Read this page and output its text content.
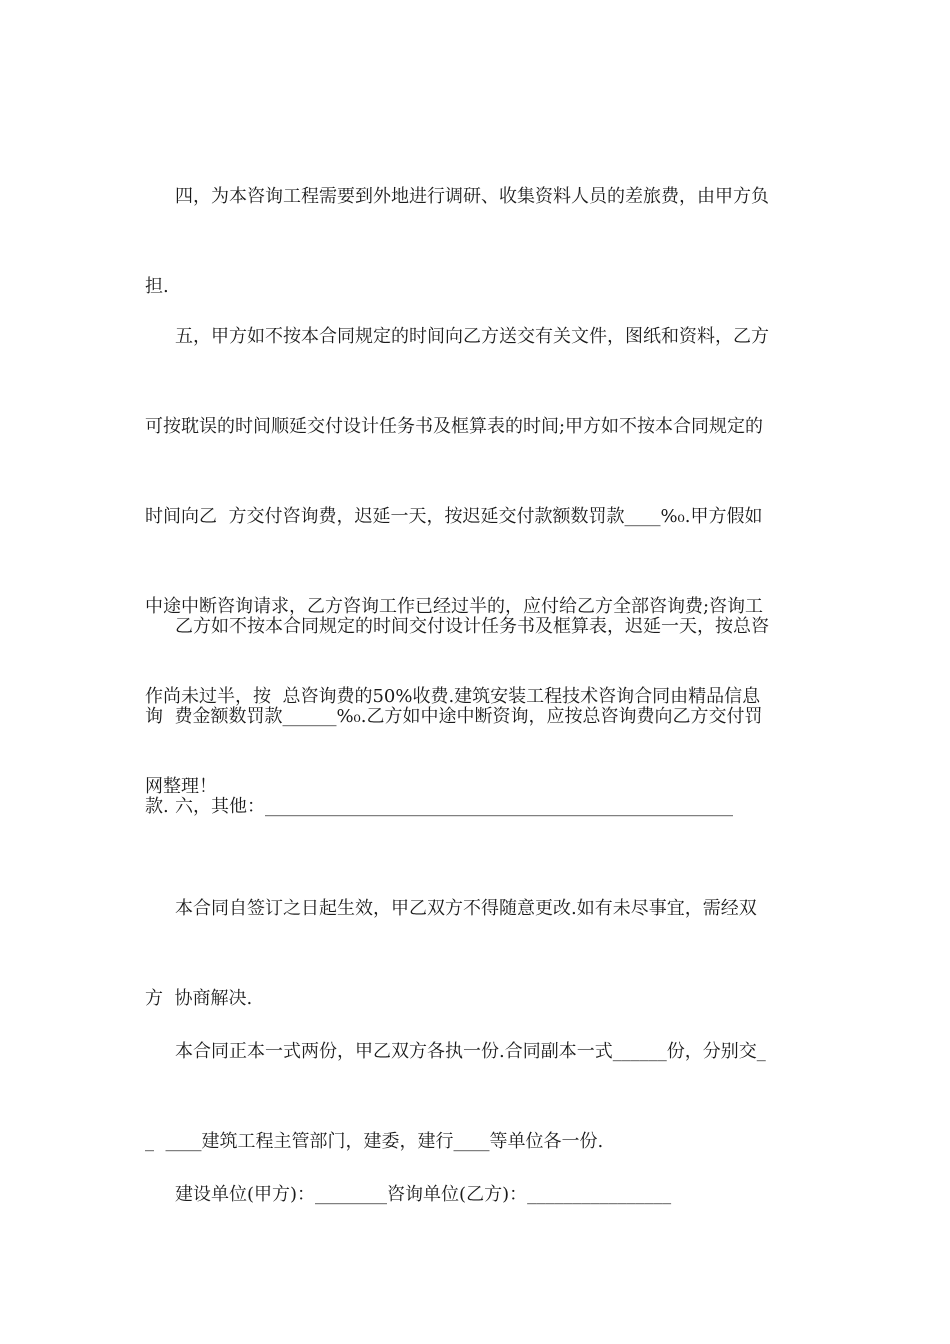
四，为本咨询工程需要到外地进行调研、收集资料人员的差旅费，由甲方负

担.

五，甲方如不按本合同规定的时间向乙方送交有关文件，图纸和资料，乙方

可按耽误的时间顺延交付设计任务书及框算表的时间;甲方如不按本合同规定的

时间向乙  方交付咨询费，迟延一天，按迟延交付款额数罚款____%₀.甲方假如

中途中断咨询请求，乙方咨询工作已经过半的，应付给乙方全部咨询费;咨询工

作尚未过半，按  总咨询费的50%收费.建筑安装工程技术咨询合同由精品信息

网整理！

乙方如不按本合同规定的时间交付设计任务书及框算表，迟延一天，按总咨

询  费金额数罚款______%₀.乙方如中途中断资询，应按总咨询费向乙方交付罚

款.

六，其他：____________________________________________________

本合同自签订之日起生效，甲乙双方不得随意更改.如有未尽事宜，需经双

方  协商解决.

本合同正本一式两份，甲乙双方各执一份.合同副本一式______份，分别交_

_  ____建筑工程主管部门，建委，建行____等单位各一份.

建设单位(甲方)：________咨询单位(乙方)：________________
